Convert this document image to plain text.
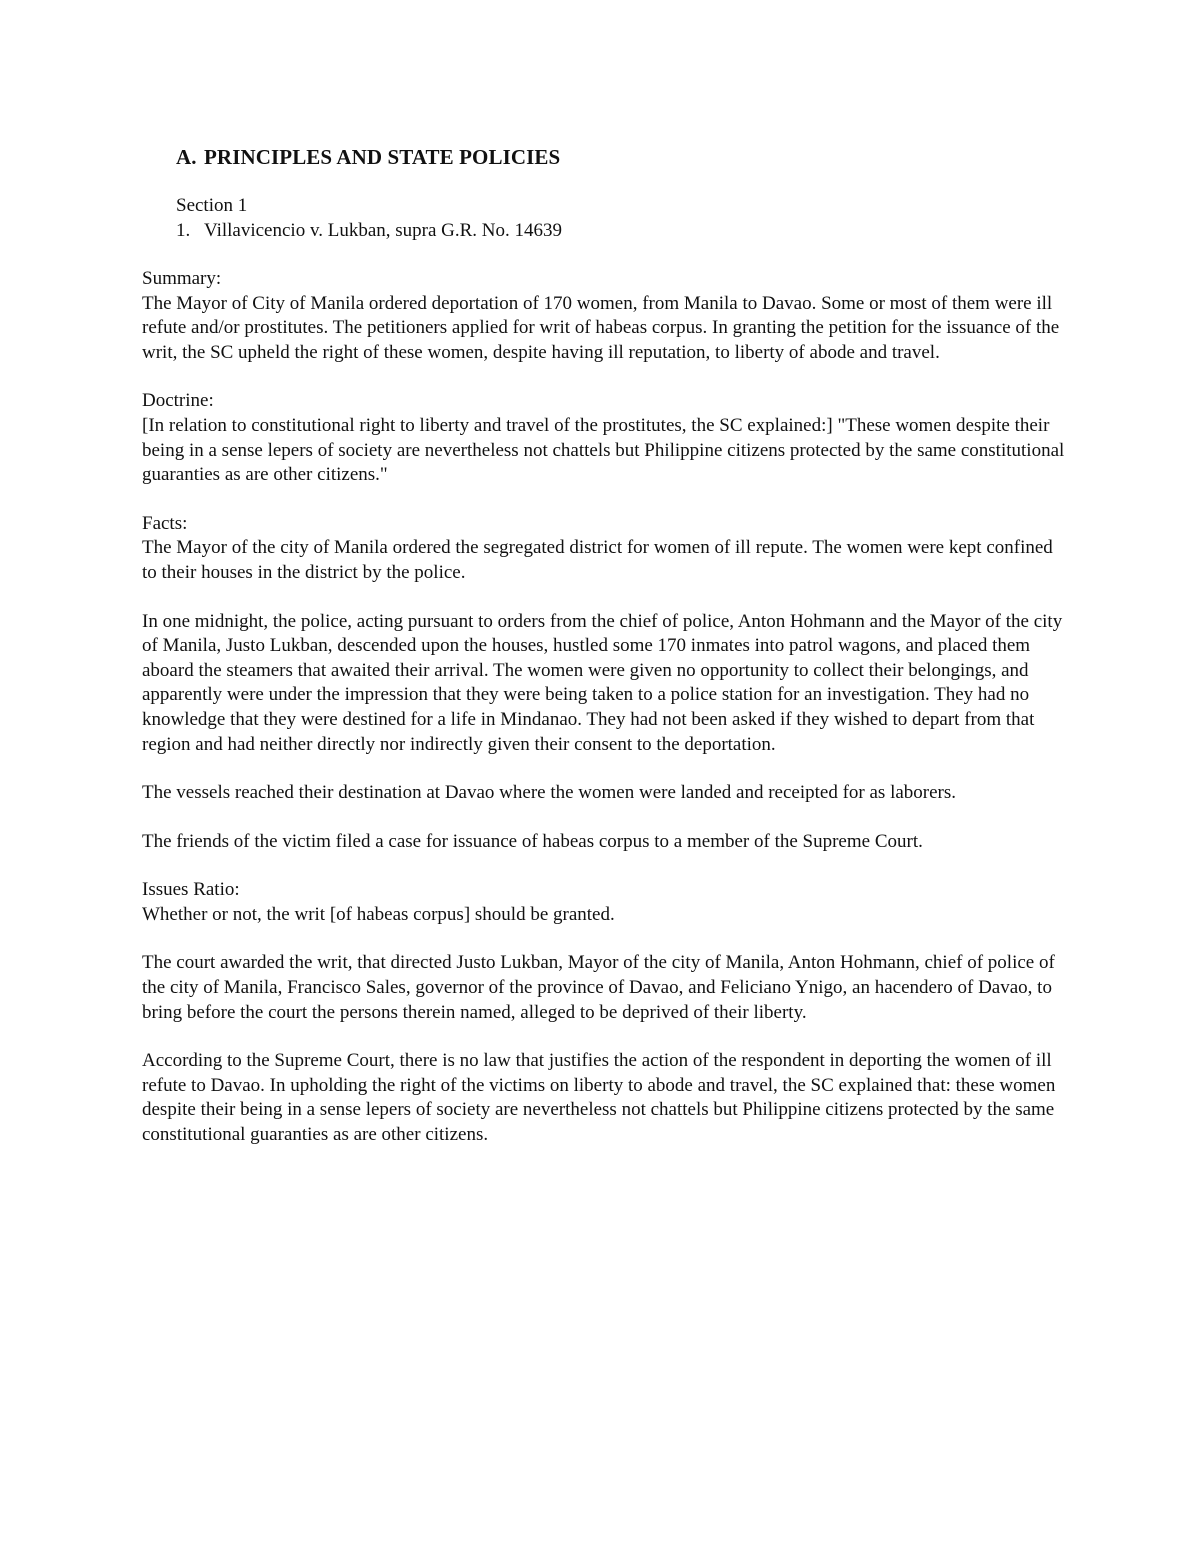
A. PRINCIPLES AND STATE POLICIES
Section 1
1. Villavicencio v. Lukban, supra G.R. No. 14639

Summary:

The Mayor of City of Manila ordered deportation of 170 women, from Manila to Davao. Some or most of them were ill refute and/or prostitutes. The petitioners applied for writ of habeas corpus. In granting the petition for the issuance of the writ, the SC upheld the right of these women, despite having ill reputation, to liberty of abode and travel.

Doctrine:

[In relation to constitutional right to liberty and travel of the prostitutes, the SC explained:] "These women despite their being in a sense lepers of society are nevertheless not chattels but Philippine citizens protected by the same constitutional guaranties as are other citizens."

Facts:

The Mayor of the city of Manila ordered the segregated district for women of ill repute. The women were kept confined to their houses in the district by the police.

In one midnight, the police, acting pursuant to orders from the chief of police, Anton Hohmann and the Mayor of the city of Manila, Justo Lukban, descended upon the houses, hustled some 170 inmates into patrol wagons, and placed them aboard the steamers that awaited their arrival. The women were given no opportunity to collect their belongings, and apparently were under the impression that they were being taken to a police station for an investigation. They had no knowledge that they were destined for a life in Mindanao. They had not been asked if they wished to depart from that region and had neither directly nor indirectly given their consent to the deportation.

The vessels reached their destination at Davao where the women were landed and receipted for as laborers.

The friends of the victim filed a case for issuance of habeas corpus to a member of the Supreme Court.

Issues Ratio:

Whether or not, the writ [of habeas corpus] should be granted.

The court awarded the writ, that directed Justo Lukban, Mayor of the city of Manila, Anton Hohmann, chief of police of the city of Manila, Francisco Sales, governor of the province of Davao, and Feliciano Ynigo, an hacendero of Davao, to bring before the court the persons therein named, alleged to be deprived of their liberty.

According to the Supreme Court, there is no law that justifies the action of the respondent in deporting the women of ill refute to Davao. In upholding the right of the victims on liberty to abode and travel, the SC explained that: these women despite their being in a sense lepers of society are nevertheless not chattels but Philippine citizens protected by the same constitutional guaranties as are other citizens.
